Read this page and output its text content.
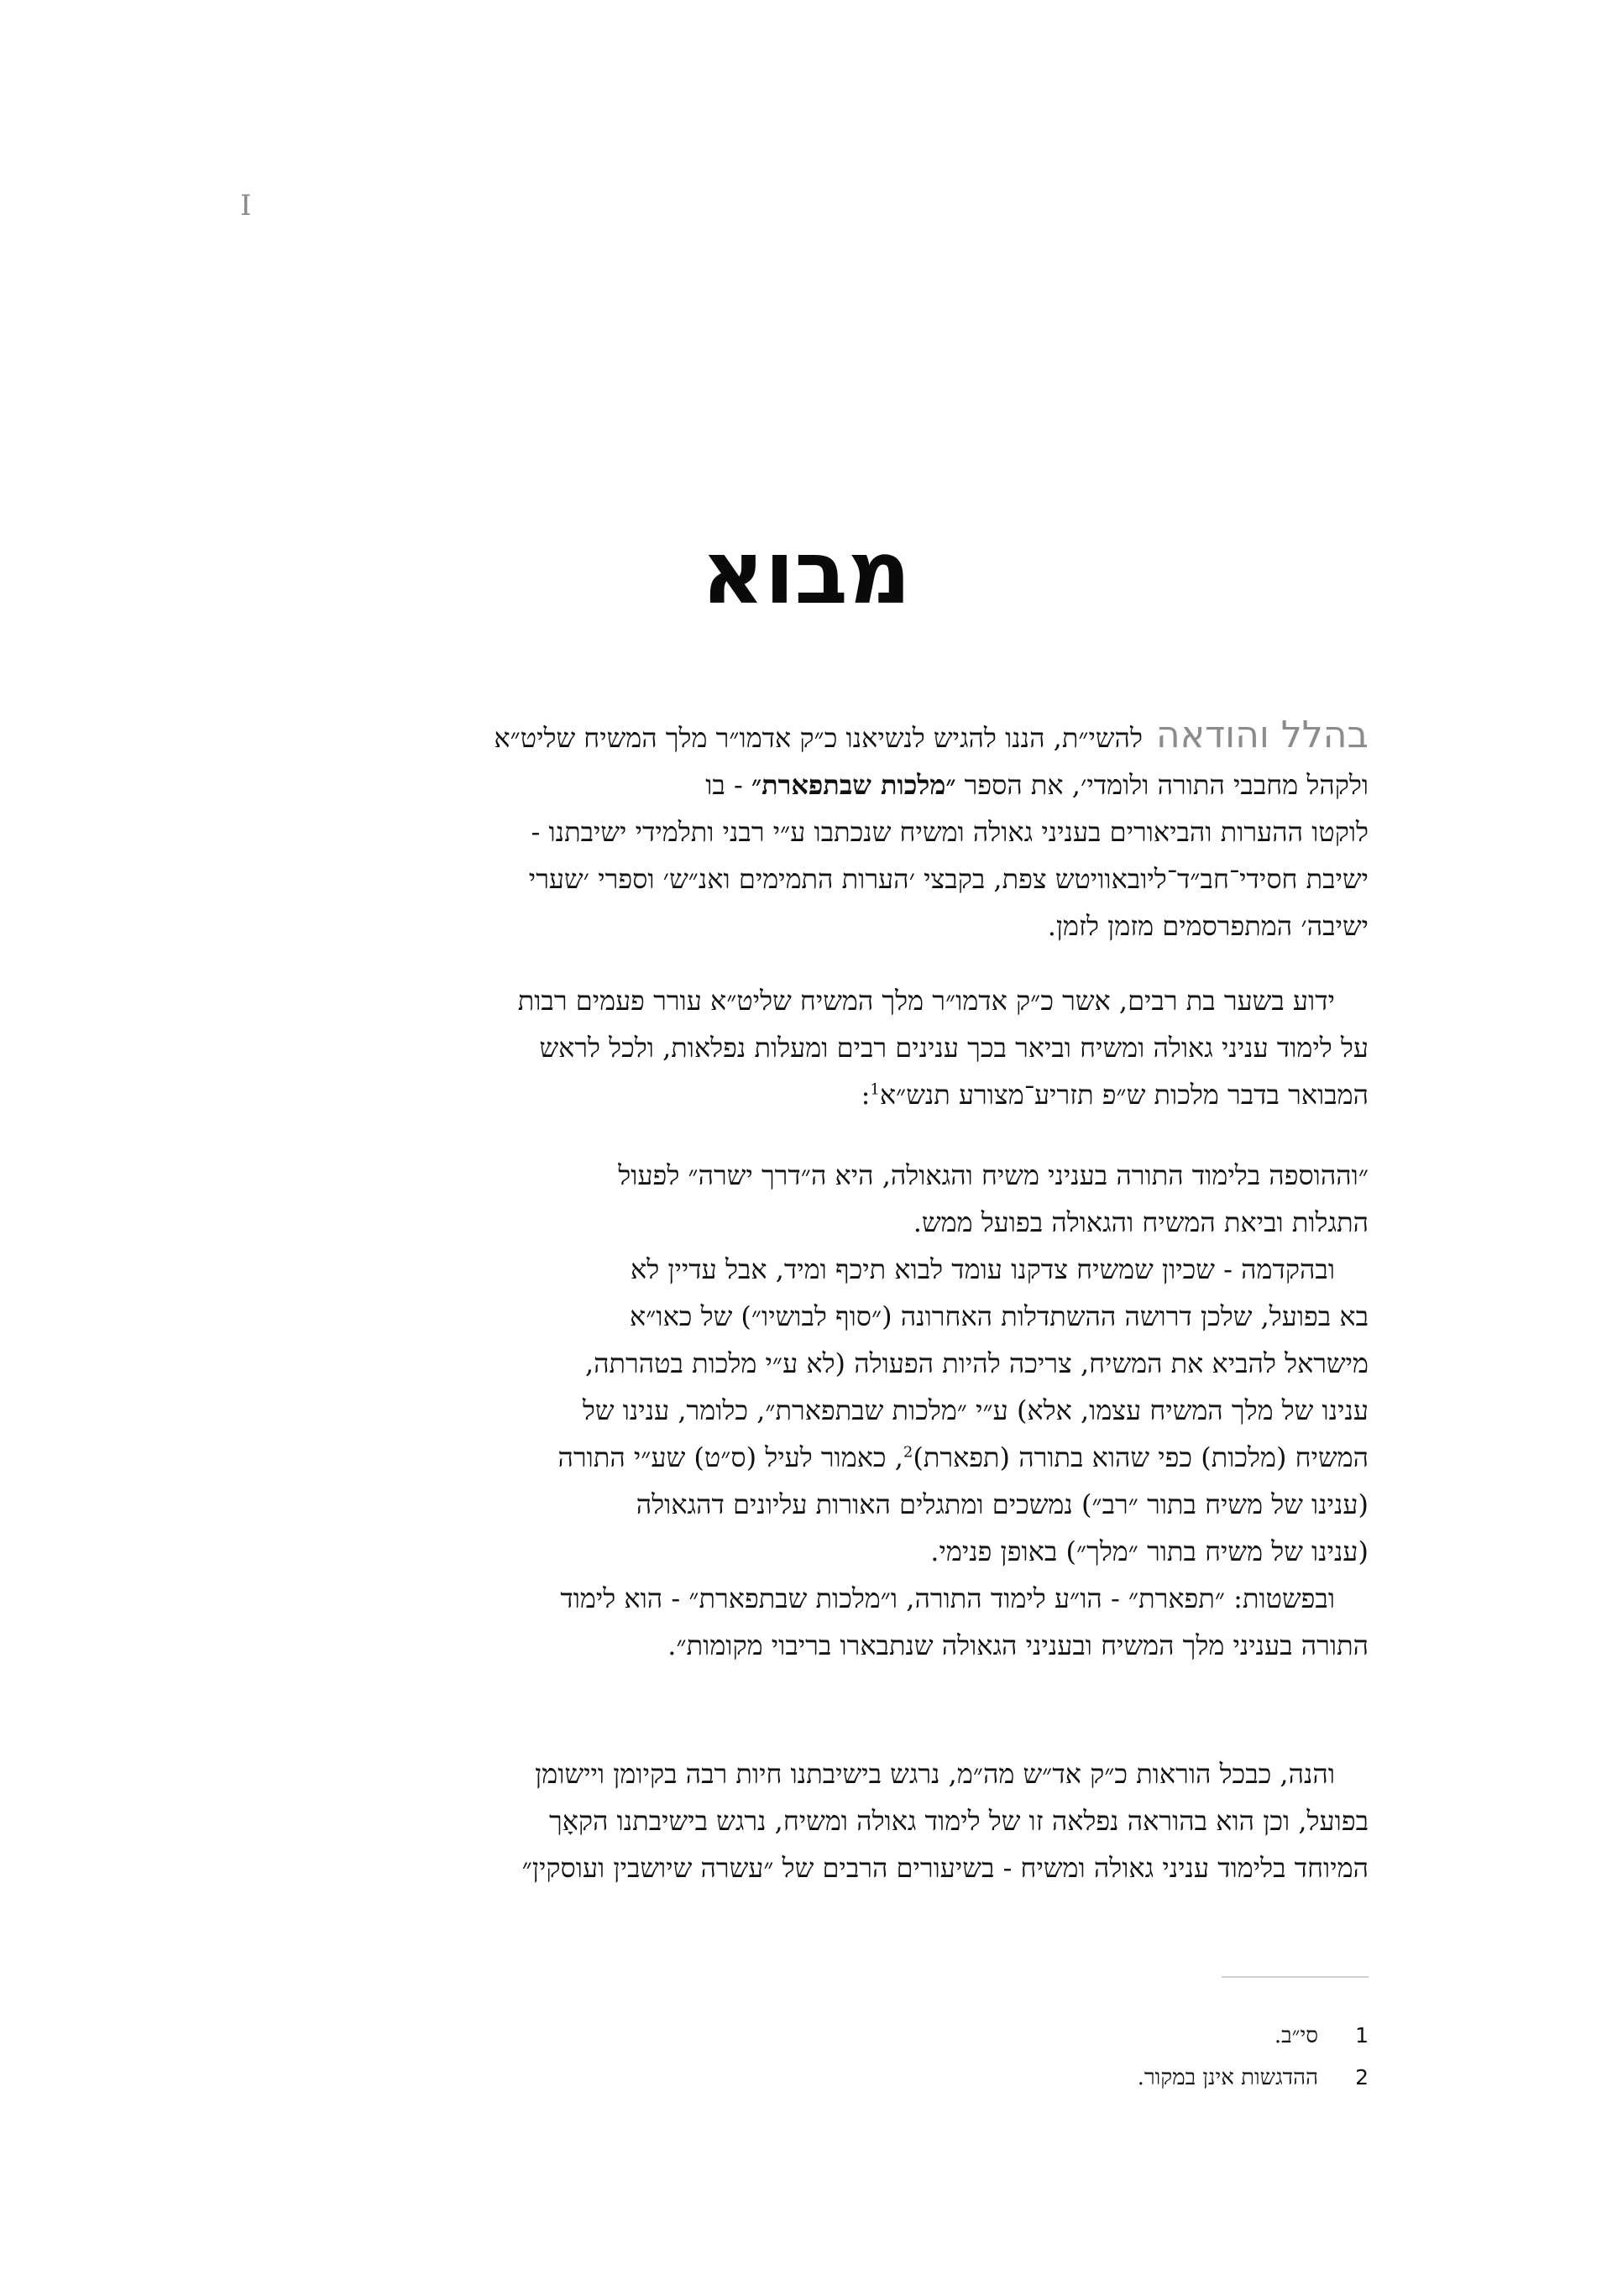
I
מבוא
בהלל והודאהלהשי״ת, הננו להגיש לנשיאנו כ״ק אדמו״ר מלך המשיח שליט״א
ולקהל מחבבי התורה ולומדי׳, את הספר ״מלכות שבתפארת״ - בו
לוקטו ההערות והביאורים בעניני גאולה ומשיח שנכתבו ע״י רבני ותלמידי ישיבתנו -
ישיבת חסידי־חב״ד־ליובאוויטש צפת, בקבצי ׳הערות התמימים ואנ״ש׳ וספרי ׳שערי
ישיבה׳ המתפרסמים מזמן לזמן.
ידוע בשער בת רבים, אשר כ״ק אדמו״ר מלך המשיח שליט״א עורר פעמים רבות
על לימוד עניני גאולה ומשיח וביאר בכך ענינים רבים ומעלות נפלאות, ולכל לראש
המבואר בדבר מלכות ש״פ תזריע־מצורע תנש״א$^1$:
״וההוספה בלימוד התורה בעניני משיח והגאולה, היא ה״דרך ישרה״ לפעול
התגלות וביאת המשיח והגאולה בפועל ממש.
ובהקדמה - שכיון שמשיח צדקנו עומד לבוא תיכף ומיד, אבל עדיין לא
בא בפועל, שלכן דרושה ההשתדלות האחרונה (״סוף לבושיו״) של כאו״א
מישראל להביא את המשיח, צריכה להיות הפעולה (לא ע״י מלכות בטהרתה,
ענינו של מלך המשיח עצמו, אלא) ע״י ״מלכות שבתפארת״, כלומר, ענינו של
המשיח (מלכות) כפי שהוא בתורה (תפארת)$^2$, כאמור לעיל (ס״ט) שע״י התורה
(ענינו של משיח בתור ״רב״) נמשכים ומתגלים האורות עליונים דהגאולה
(ענינו של משיח בתור ״מלך״) באופן פנימי.
ובפשטות: ״תפארת״ - הו״ע לימוד התורה, ו״מלכות שבתפארת״ - הוא לימוד
התורה בעניני מלך המשיח ובעניני הגאולה שנתבארו בריבוי מקומות״.
והנה, כבכל הוראות כ״ק אד״ש מה״מ, נרגש בישיבתנו חיות רבה בקיומן ויישומן
בפועל, וכן הוא בהוראה נפלאה זו של לימוד גאולה ומשיח, נרגש בישיבתנו הקאָך
המיוחד בלימוד עניני גאולה ומשיח - בשיעורים הרבים של ״עשרה שיושבין ועוסקין״
1
סי״ב.
2
ההדגשות אינן במקור.
